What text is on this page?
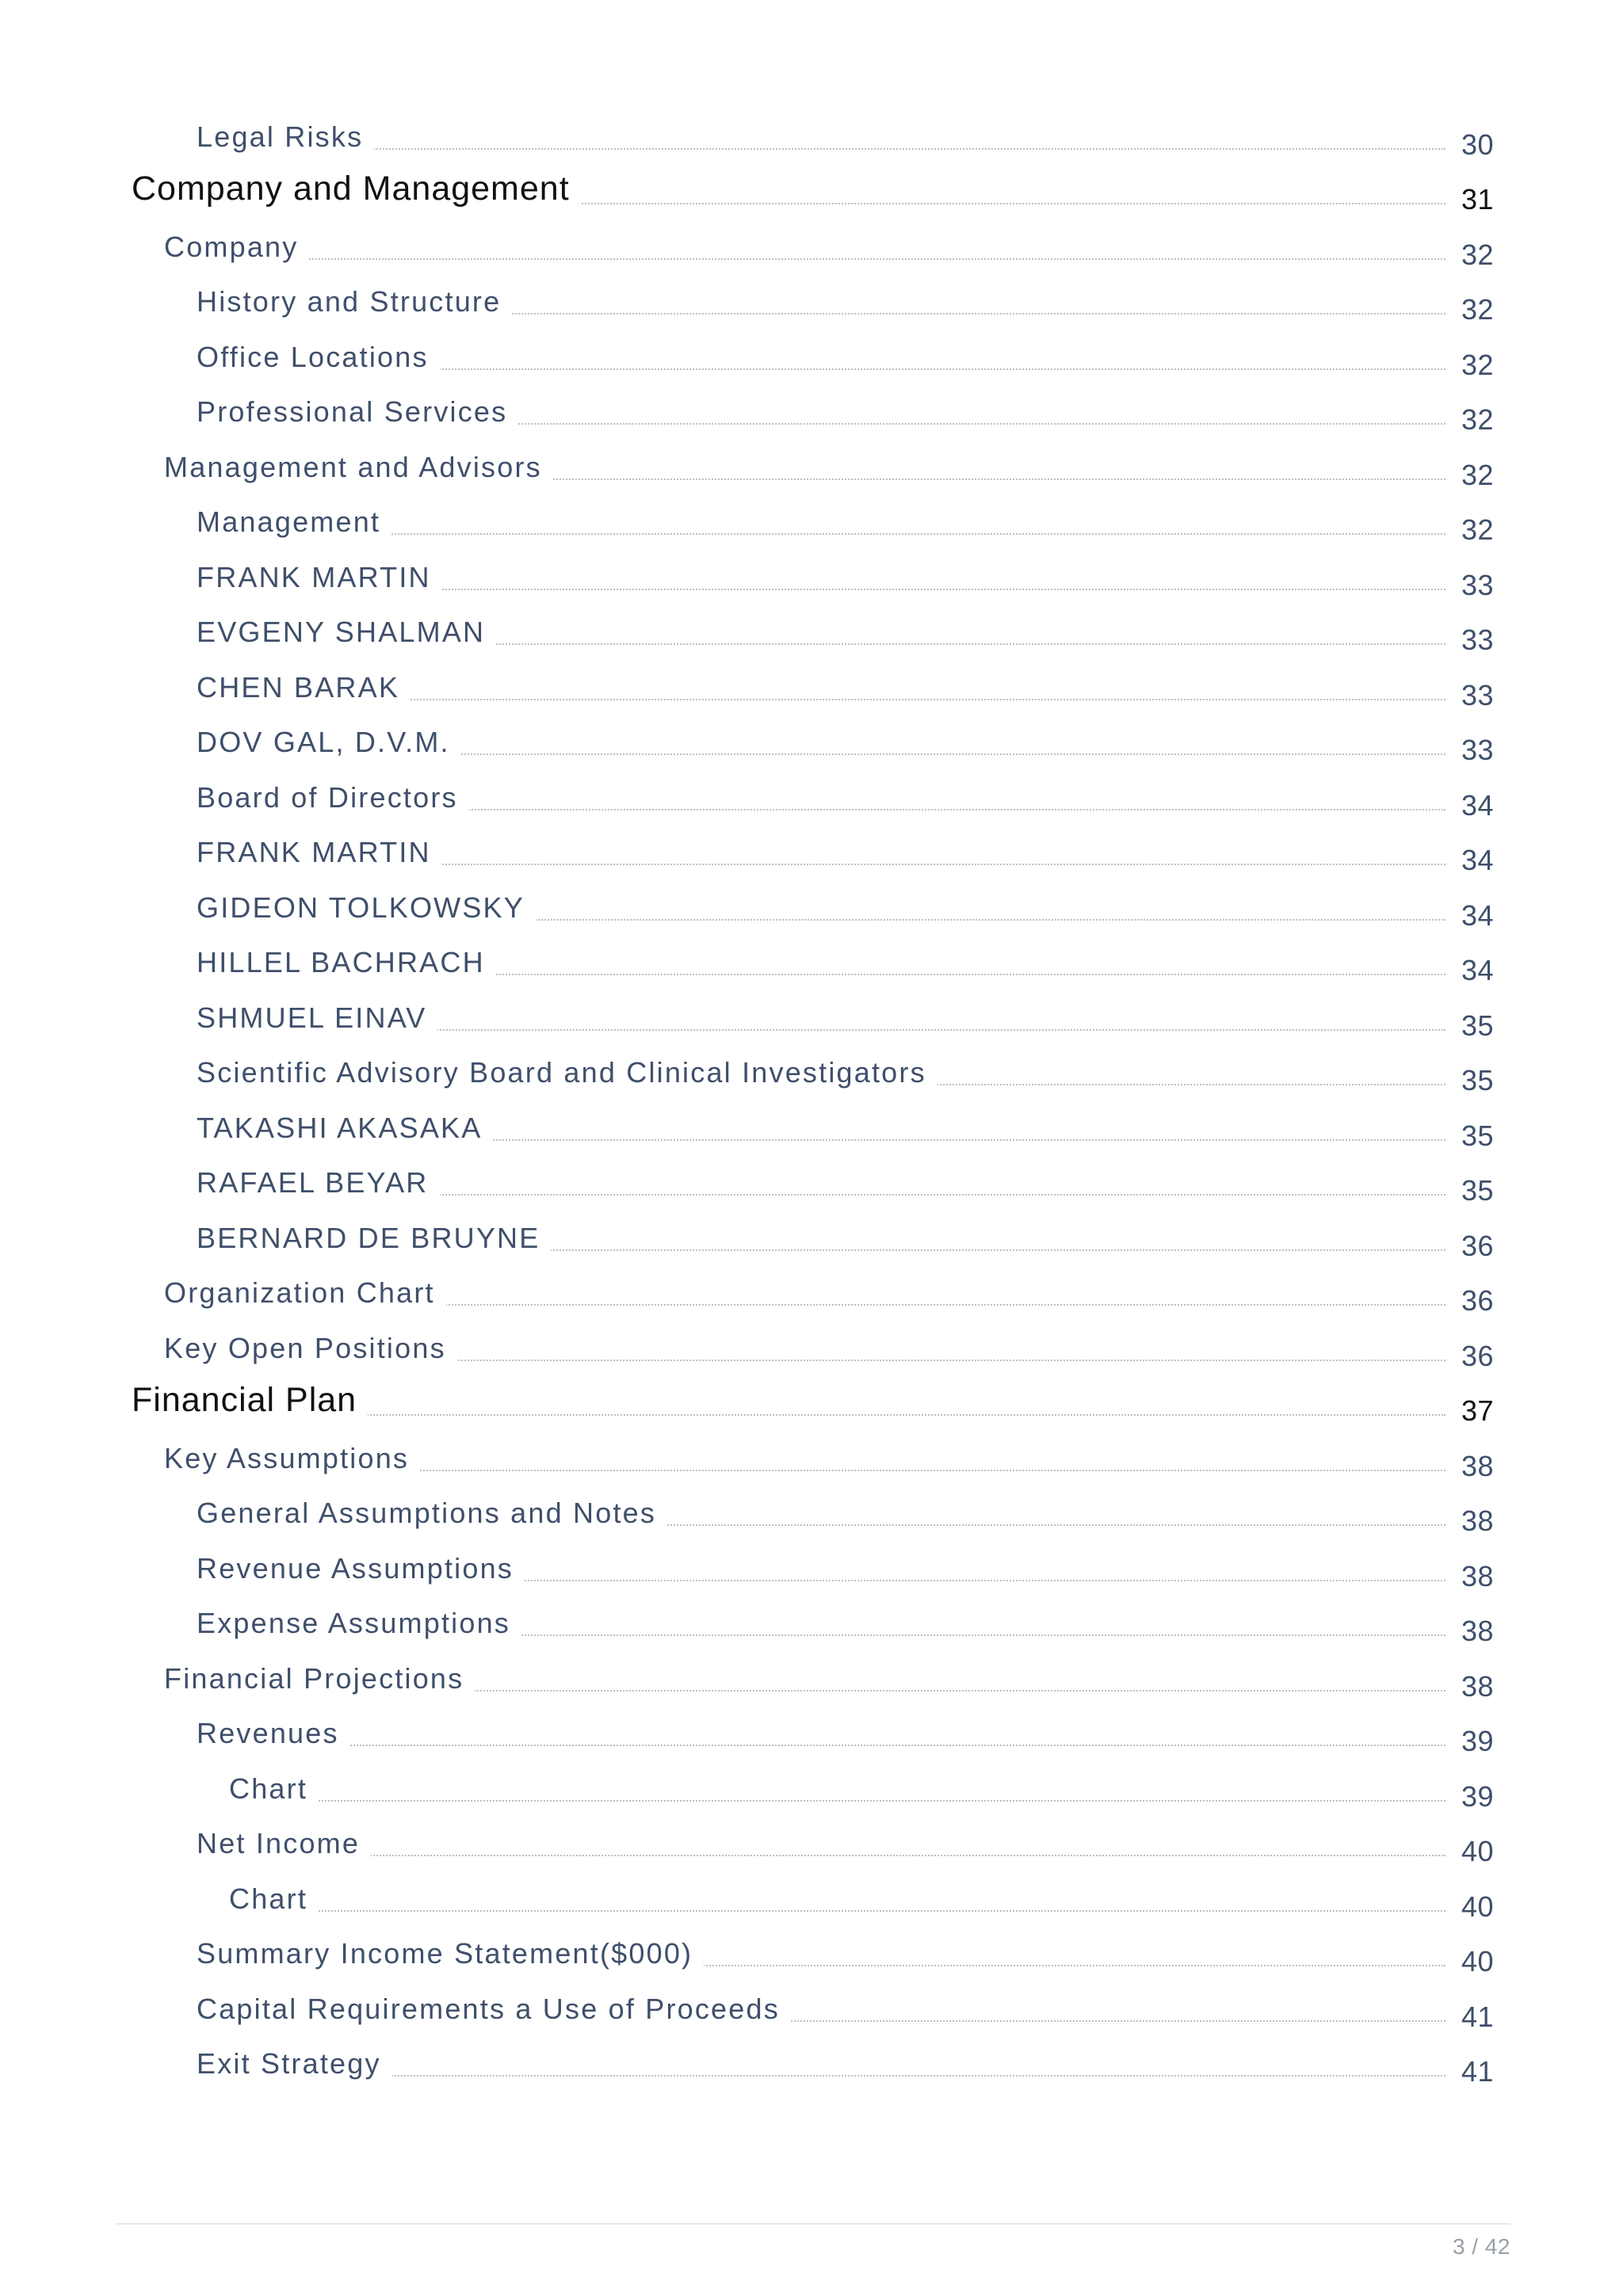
Legal Risks	30
Company and Management	31
Company	32
History and Structure	32
Office Locations	32
Professional Services	32
Management and Advisors	32
Management	32
FRANK MARTIN	33
EVGENY SHALMAN	33
CHEN BARAK	33
DOV GAL, D.V.M.	33
Board of Directors	34
FRANK MARTIN	34
GIDEON TOLKOWSKY	34
HILLEL BACHRACH	34
SHMUEL EINAV	35
Scientific Advisory Board and Clinical Investigators	35
TAKASHI AKASAKA	35
RAFAEL BEYAR	35
BERNARD DE BRUYNE	36
Organization Chart	36
Key Open Positions	36
Financial Plan	37
Key Assumptions	38
General Assumptions and Notes	38
Revenue Assumptions	38
Expense Assumptions	38
Financial Projections	38
Revenues	39
Chart	39
Net Income	40
Chart	40
Summary Income Statement($000)	40
Capital Requirements a Use of Proceeds	41
Exit Strategy	41
3 / 42
